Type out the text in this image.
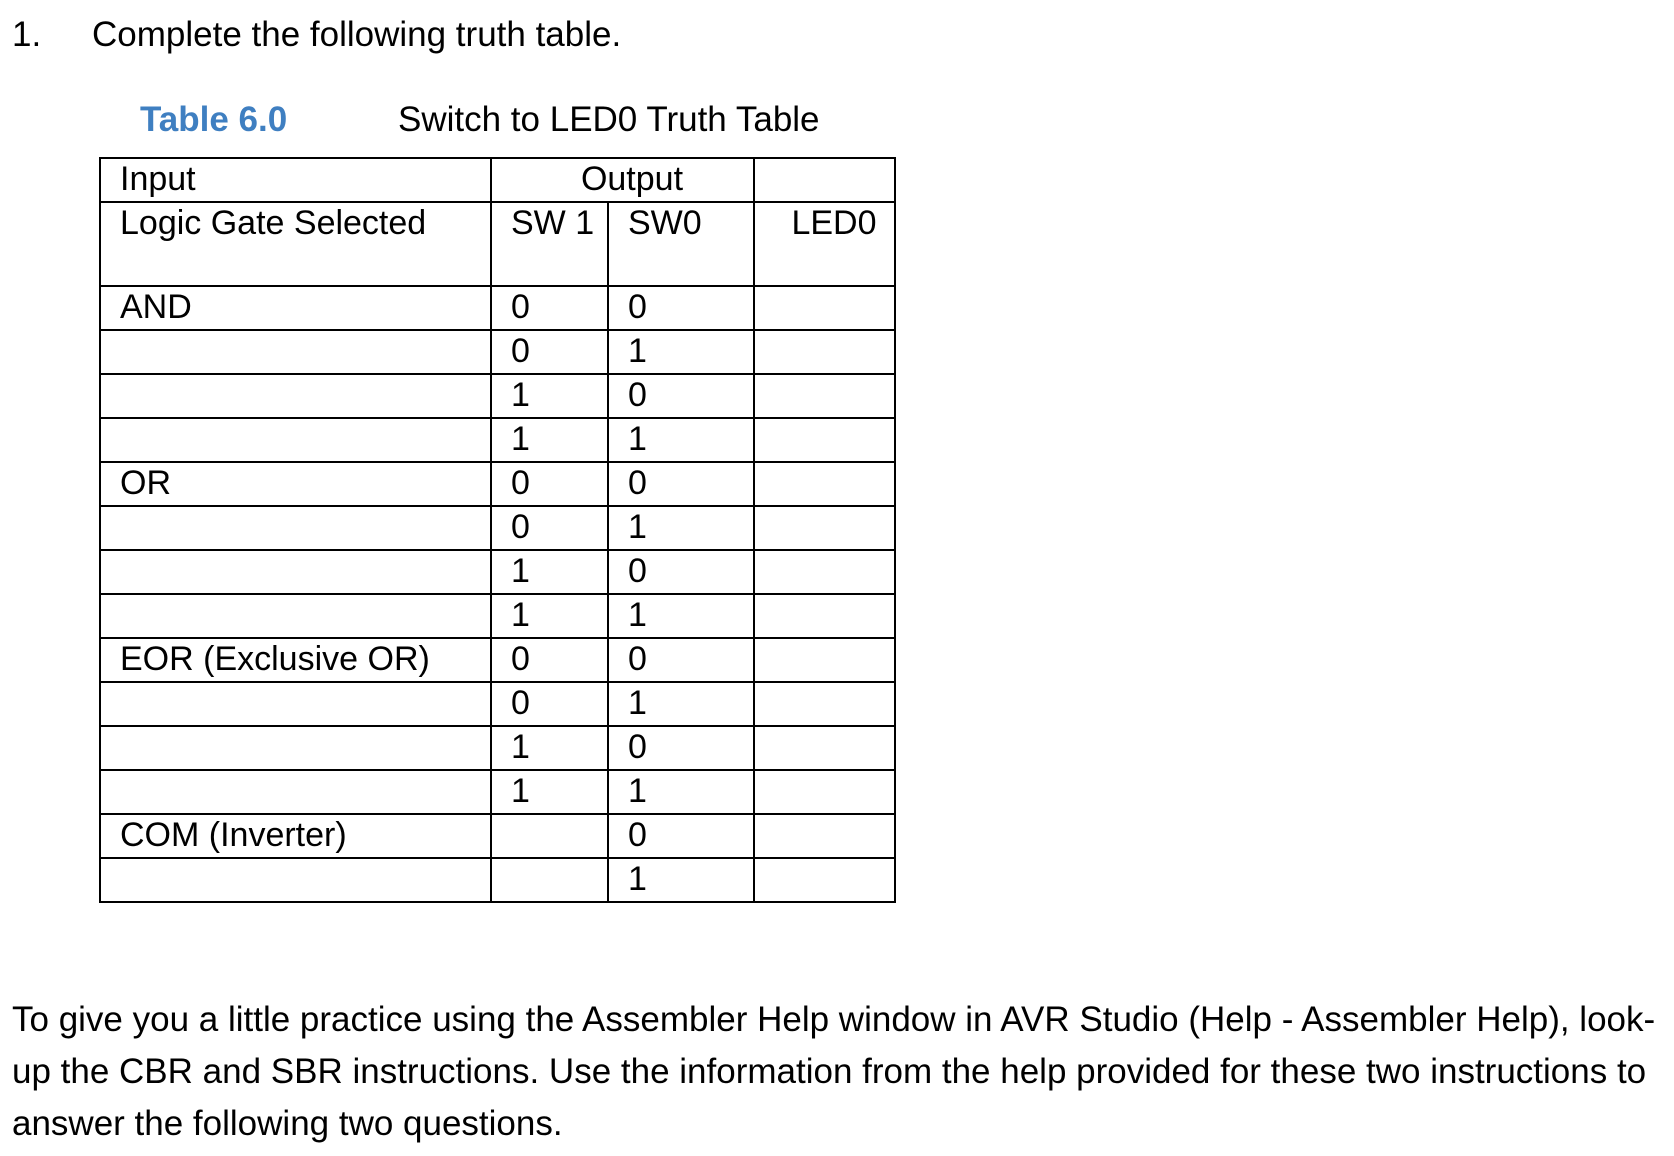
1. Complete the following truth table.
Table 6.0	Switch to LED0 Truth Table
Input	Output		
Logic Gate Selected	SW 1	SW0	LED0
AND	0	0	
	0	1	
	1	0	
	1	1	
OR	0	0	
	0	1	
	1	0	
	1	1	
EOR (Exclusive OR)	0	0	
	0	1	
	1	0	
	1	1	
COM (Inverter)		0	
		1	
To give you a little practice using the Assembler Help window in AVR Studio (Help - Assembler Help), look-up the CBR and SBR instructions. Use the information from the help provided for these two instructions to answer the following two questions.
